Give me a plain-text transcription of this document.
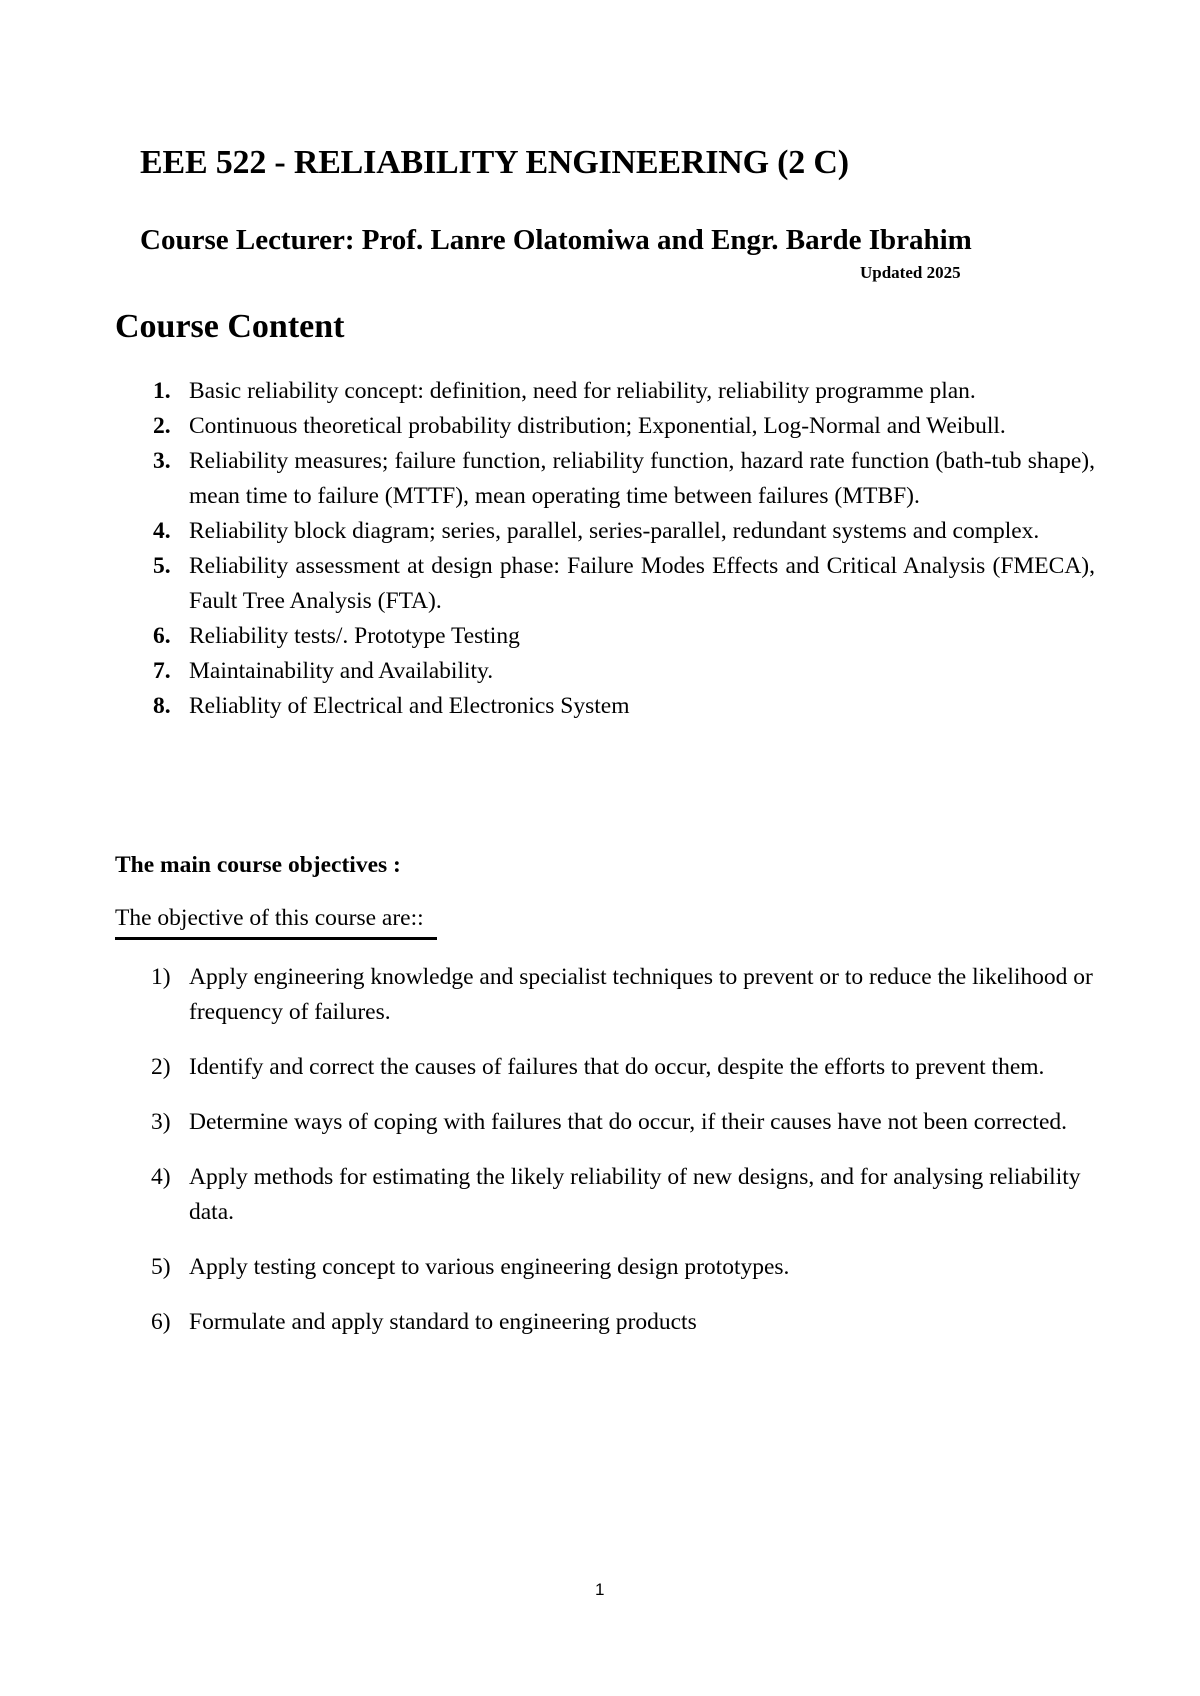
EEE 522 - RELIABILITY ENGINEERING (2 C)
Course Lecturer: Prof. Lanre Olatomiwa and Engr. Barde Ibrahim
Updated 2025
Course Content
1. Basic reliability concept: definition, need for reliability, reliability programme plan.
2. Continuous theoretical probability distribution; Exponential, Log-Normal and Weibull.
3. Reliability measures; failure function, reliability function, hazard rate function (bath-tub shape), mean time to failure (MTTF), mean operating time between failures (MTBF).
4. Reliability block diagram; series, parallel, series-parallel, redundant systems and complex.
5. Reliability assessment at design phase: Failure Modes Effects and Critical Analysis (FMECA), Fault Tree Analysis (FTA).
6. Reliability tests/. Prototype Testing
7. Maintainability and Availability.
8. Reliablity of Electrical and Electronics System
The main course objectives :
The objective of this course are::
1) Apply engineering knowledge and specialist techniques to prevent or to reduce the likelihood or frequency of failures.
2) Identify and correct the causes of failures that do occur, despite the efforts to prevent them.
3) Determine ways of coping with failures that do occur, if their causes have not been corrected.
4) Apply methods for estimating the likely reliability of new designs, and for analysing reliability data.
5) Apply testing concept to various engineering design prototypes.
6) Formulate and apply standard to engineering products
1
